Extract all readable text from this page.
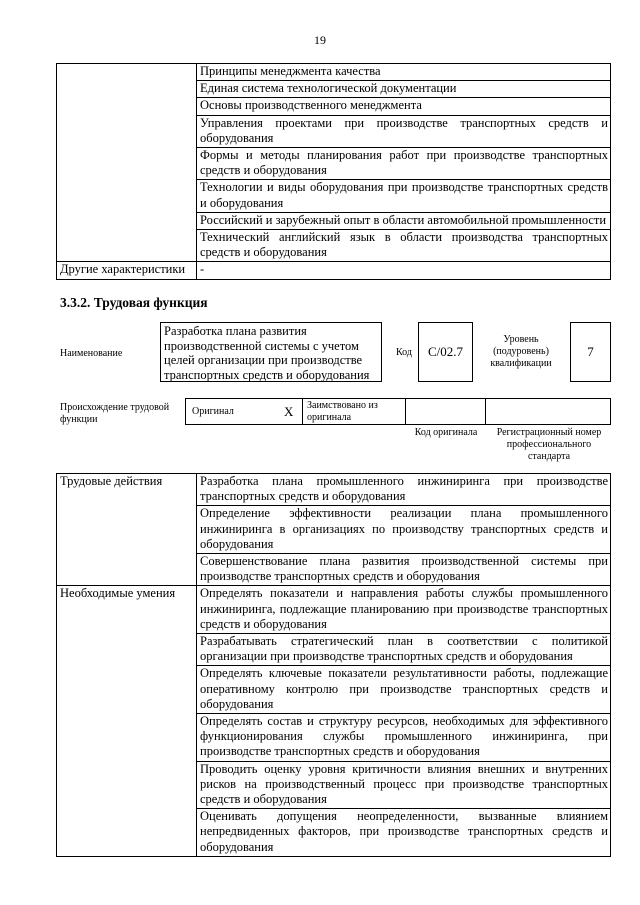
19
	Принципы менеджмента качества
	Единая система технологической документации
	Основы производственного менеджмента
	Управления проектами при производстве транспортных средств и оборудования
	Формы и методы планирования работ при производстве транспортных средств и оборудования
	Технологии и виды оборудования при производстве транспортных средств и оборудования
	Российский и зарубежный опыт в области автомобильной промышленности
	Технический английский язык в области производства транспортных средств и оборудования
Другие характеристики	-
3.3.2. Трудовая функция
Наименование
Разработка плана развития производственной системы с учетом целей организации при производстве транспортных средств и оборудования
Код	C/02.7
Уровень (подуровень) квалификации
7
Происхождение трудовой функции
Оригинал	X	Заимствовано из оригинала
Код оригинала	Регистрационный номер профессионального стандарта
Трудовые действия	Разработка плана промышленного инжиниринга при производстве транспортных средств и оборудования
	Определение эффективности реализации плана промышленного инжиниринга в организациях по производству транспортных средств и оборудования
	Совершенствование плана развития производственной системы при производстве транспортных средств и оборудования
Необходимые умения	Определять показатели и направления работы службы промышленного инжиниринга, подлежащие планированию при производстве транспортных средств и оборудования
	Разрабатывать стратегический план в соответствии с политикой организации при производстве транспортных средств и оборудования
	Определять ключевые показатели результативности работы, подлежащие оперативному контролю при производстве транспортных средств и оборудования
	Определять состав и структуру ресурсов, необходимых для эффективного функционирования службы промышленного инжиниринга, при производстве транспортных средств и оборудования
	Проводить оценку уровня критичности влияния внешних и внутренних рисков на производственный процесс при производстве транспортных средств и оборудования
	Оценивать допущения неопределенности, вызванные влиянием непредвиденных факторов, при производстве транспортных средств и оборудования
